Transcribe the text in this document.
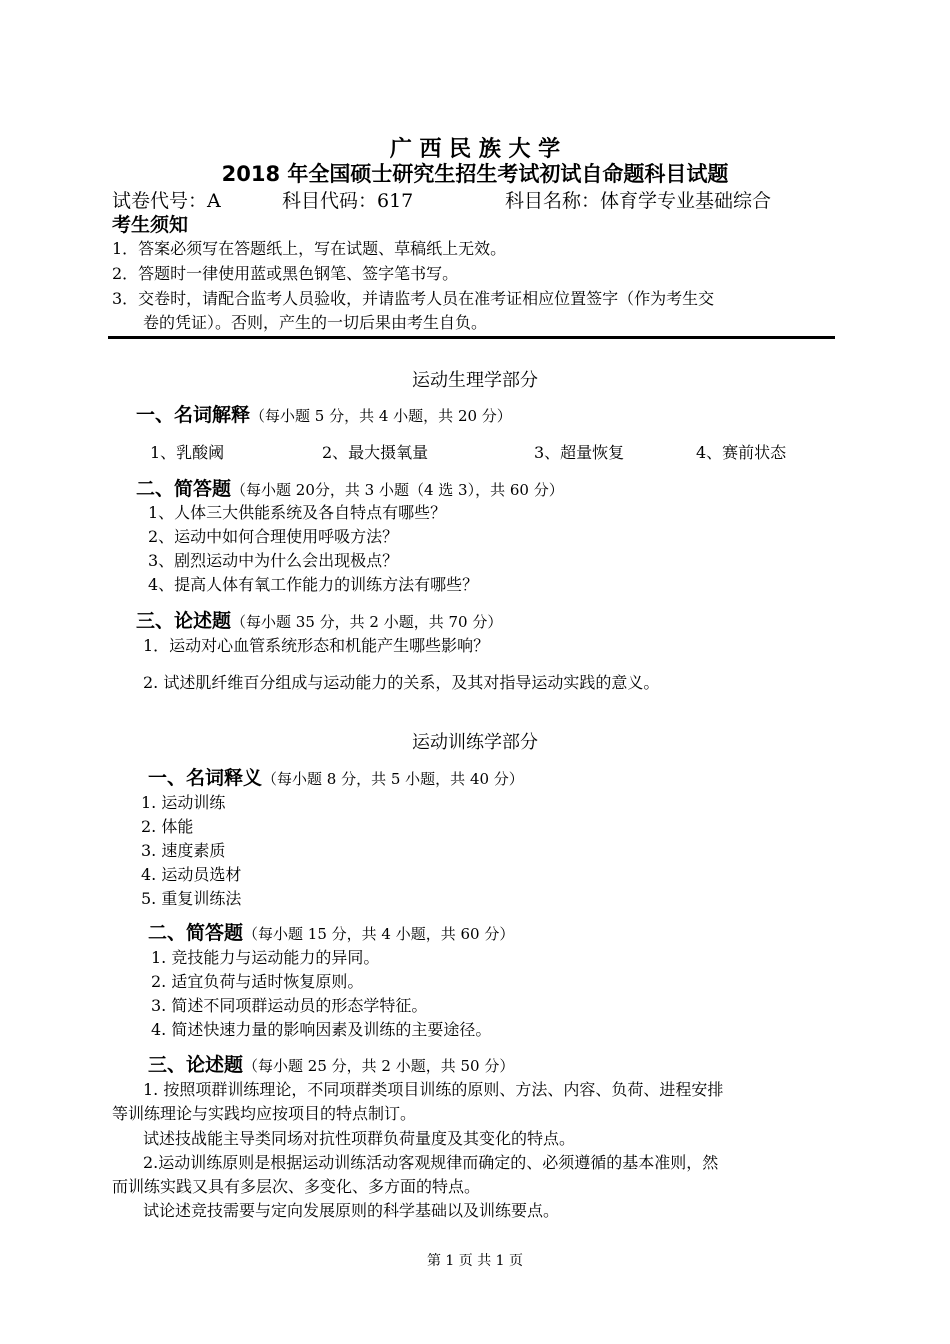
广 西 民 族 大 学
2018 年全国硕士研究生招生考试初试自命题科目试题
试卷代号：A	科目代码：617	科目名称：体育学专业基础综合
考生须知
1．答案必须写在答题纸上，写在试题、草稿纸上无效。
2．答题时一律使用蓝或黑色钢笔、签字笔书写。
3．交卷时，请配合监考人员验收，并请监考人员在准考证相应位置签字（作为考生交
卷的凭证）。否则，产生的一切后果由考生自负。
运动生理学部分
一、名词解释（每小题 5 分，共 4 小题，共 20 分）
1、乳酸阈	2、最大摄氧量	3、超量恢复	4、赛前状态
二、简答题（每小题 20分，共 3 小题（4 选 3），共 60 分）
1、人体三大供能系统及各自特点有哪些？
2、运动中如何合理使用呼吸方法？
3、剧烈运动中为什么会出现极点？
4、提高人体有氧工作能力的训练方法有哪些？
三、论述题（每小题 35 分，共 2 小题，共 70 分）
1．运动对心血管系统形态和机能产生哪些影响？
2. 试述肌纤维百分组成与运动能力的关系，及其对指导运动实践的意义。
运动训练学部分
一、名词释义（每小题 8 分，共 5 小题，共 40 分）
1. 运动训练
2. 体能
3. 速度素质
4. 运动员选材
5. 重复训练法
二、简答题（每小题 15 分，共 4 小题，共 60 分）
1. 竞技能力与运动能力的异同。
2. 适宜负荷与适时恢复原则。
3. 简述不同项群运动员的形态学特征。
4. 简述快速力量的影响因素及训练的主要途径。
三、论述题（每小题 25 分，共 2 小题，共 50 分）
1. 按照项群训练理论，不同项群类项目训练的原则、方法、内容、负荷、进程安排
等训练理论与实践均应按项目的特点制订。
试述技战能主导类同场对抗性项群负荷量度及其变化的特点。
2.运动训练原则是根据运动训练活动客观规律而确定的、必须遵循的基本准则，然
而训练实践又具有多层次、多变化、多方面的特点。
试论述竞技需要与定向发展原则的科学基础以及训练要点。
第 1 页 共 1 页
